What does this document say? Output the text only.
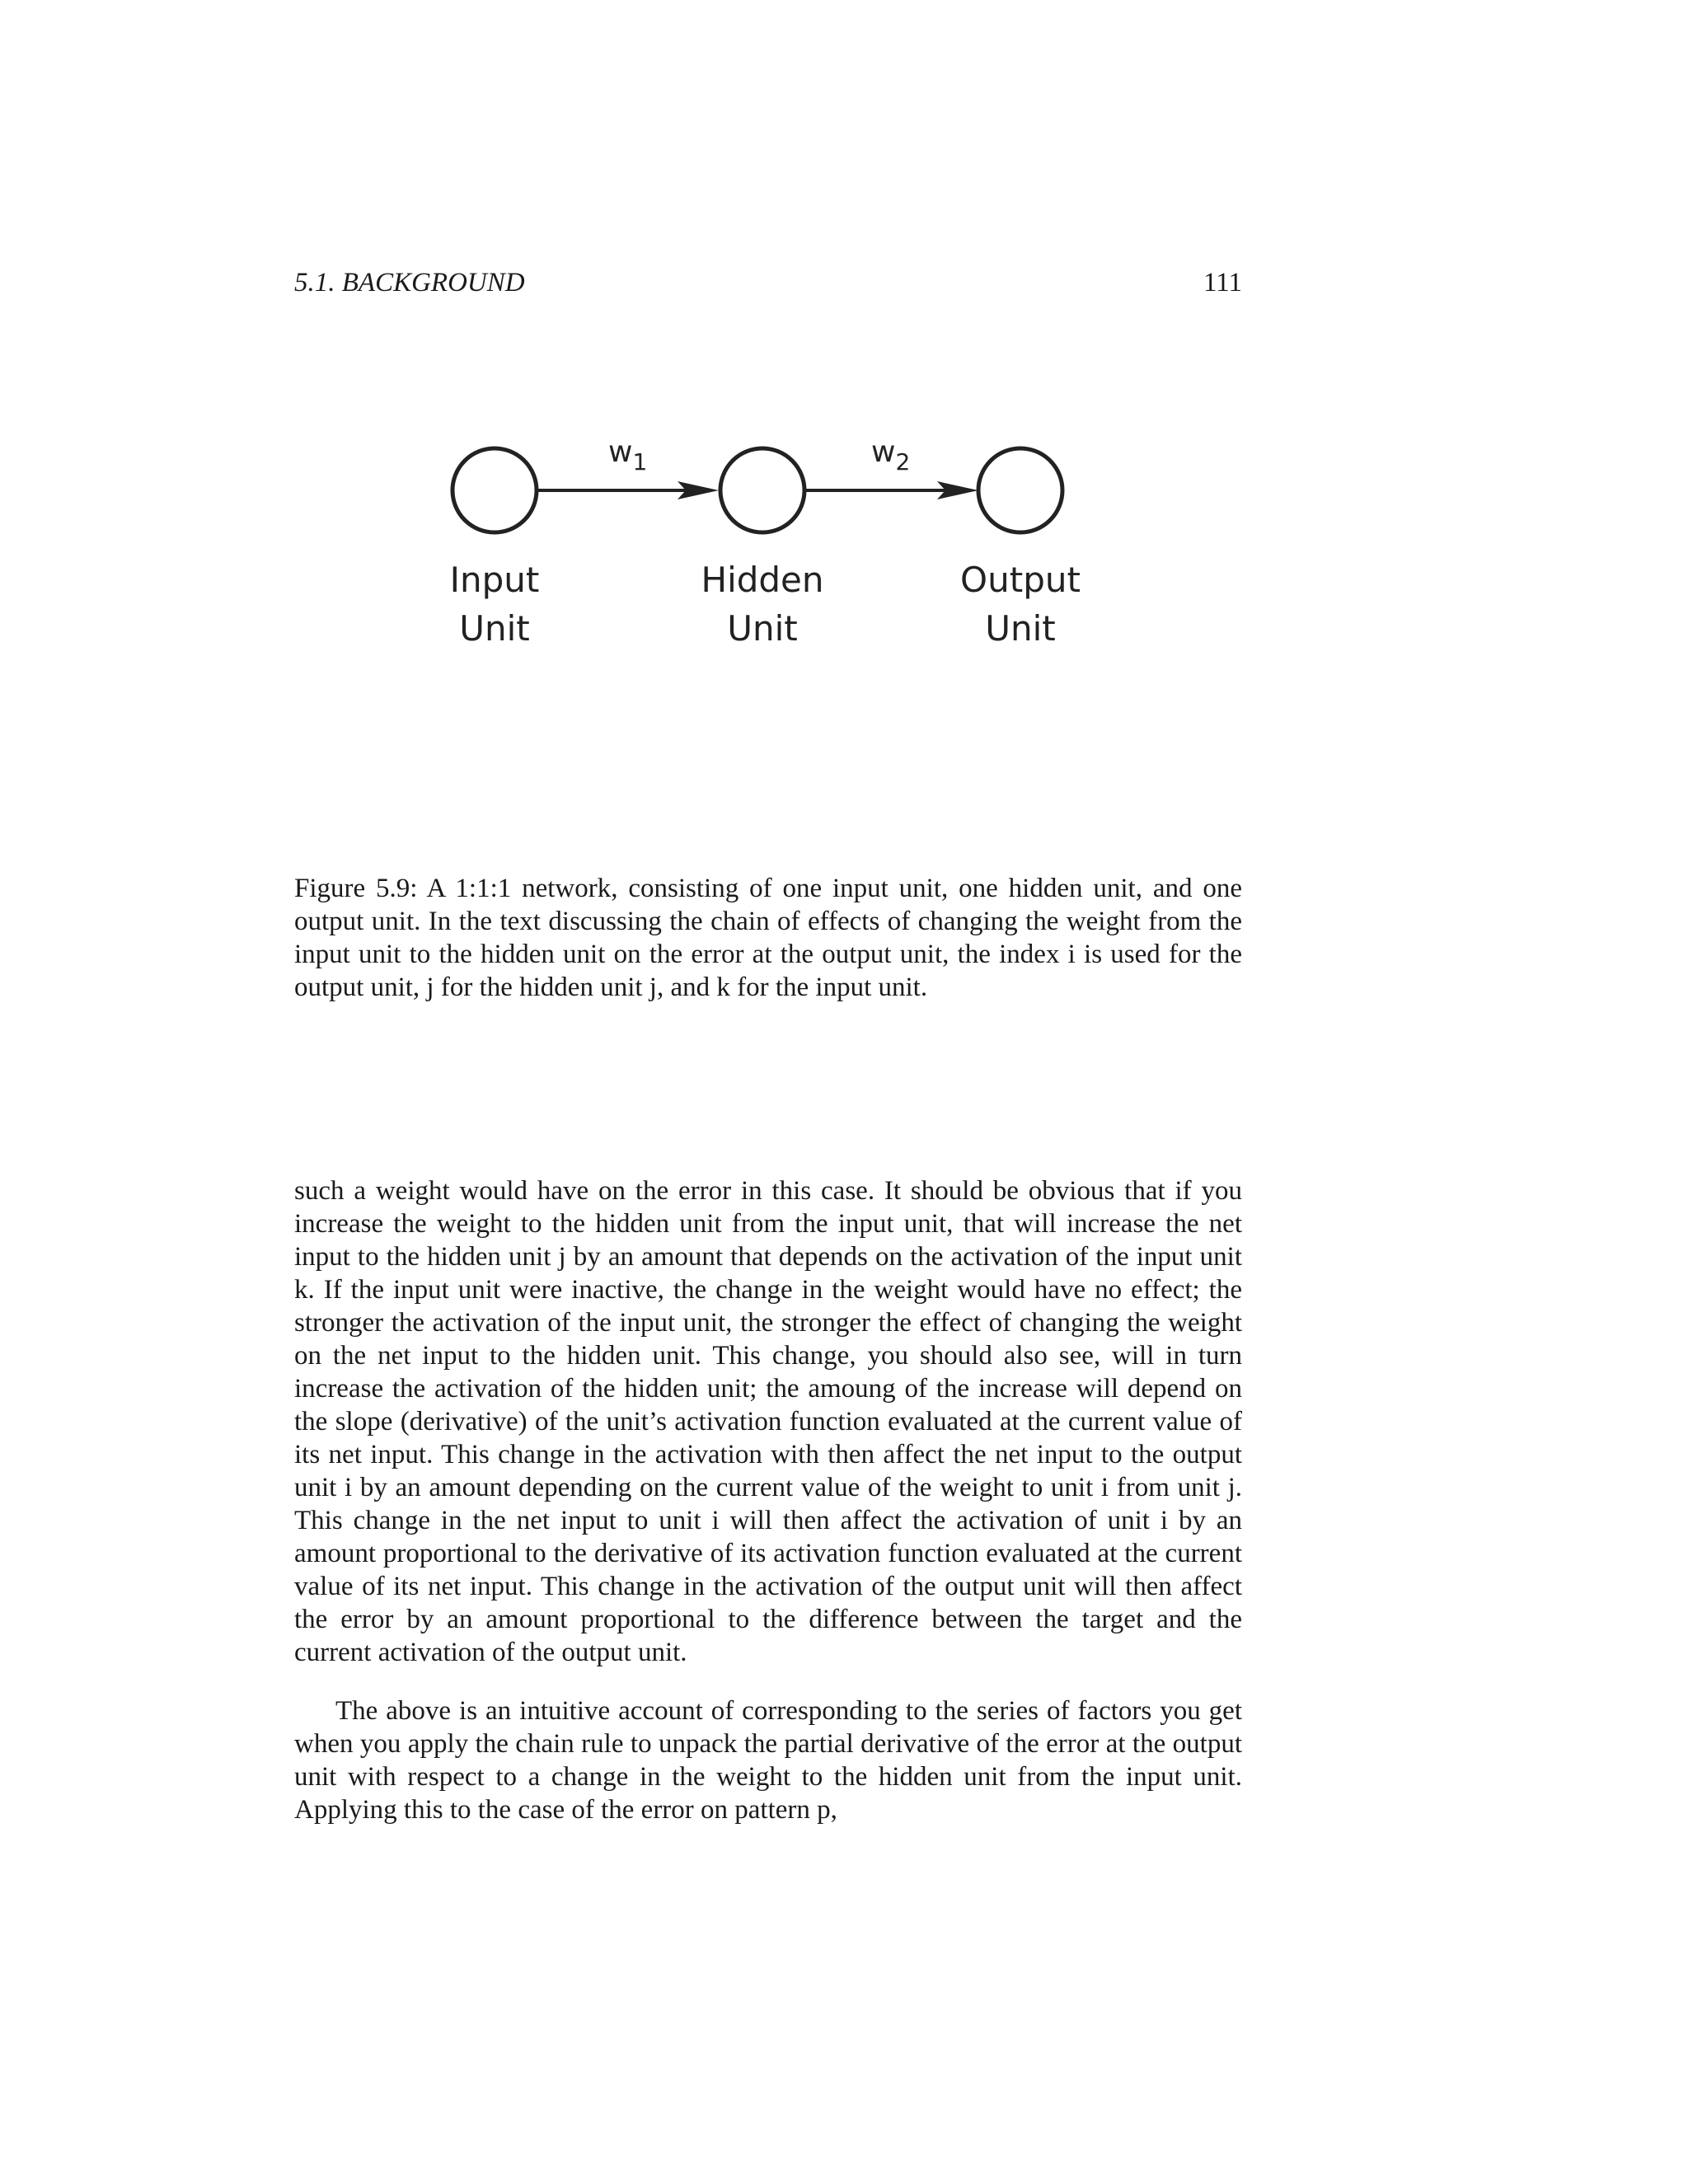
5.1. BACKGROUND	111
$w_1$	$w_2$
Input
Unit
Hidden
Unit
Output
Unit
Figure 5.9: A 1:1:1 network, consisting of one input unit, one hidden unit, and one output unit. In the text discussing the chain of effects of changing the weight from the input unit to the hidden unit on the error at the output unit, the index i is used for the output unit, j for the hidden unit j, and k for the input unit.

such a weight would have on the error in this case. It should be obvious that if you increase the weight to the hidden unit from the input unit, that will increase the net input to the hidden unit j by an amount that depends on the activation of the input unit k. If the input unit were inactive, the change in the weight would have no effect; the stronger the activation of the input unit, the stronger the effect of changing the weight on the net input to the hidden unit. This change, you should also see, will in turn increase the activation of the hidden unit; the amoung of the increase will depend on the slope (derivative) of the unit’s activation function evaluated at the current value of its net input. This change in the activation with then affect the net input to the output unit i by an amount depending on the current value of the weight to unit i from unit j. This change in the net input to unit i will then affect the activation of unit i by an amount proportional to the derivative of its activation function evaluated at the current value of its net input. This change in the activation of the output unit will then affect the error by an amount proportional to the difference between the target and the current activation of the output unit.

The above is an intuitive account of corresponding to the series of factors you get when you apply the chain rule to unpack the partial derivative of the error at the output unit with respect to a change in the weight to the hidden unit from the input unit. Applying this to the case of the error on pattern p,
